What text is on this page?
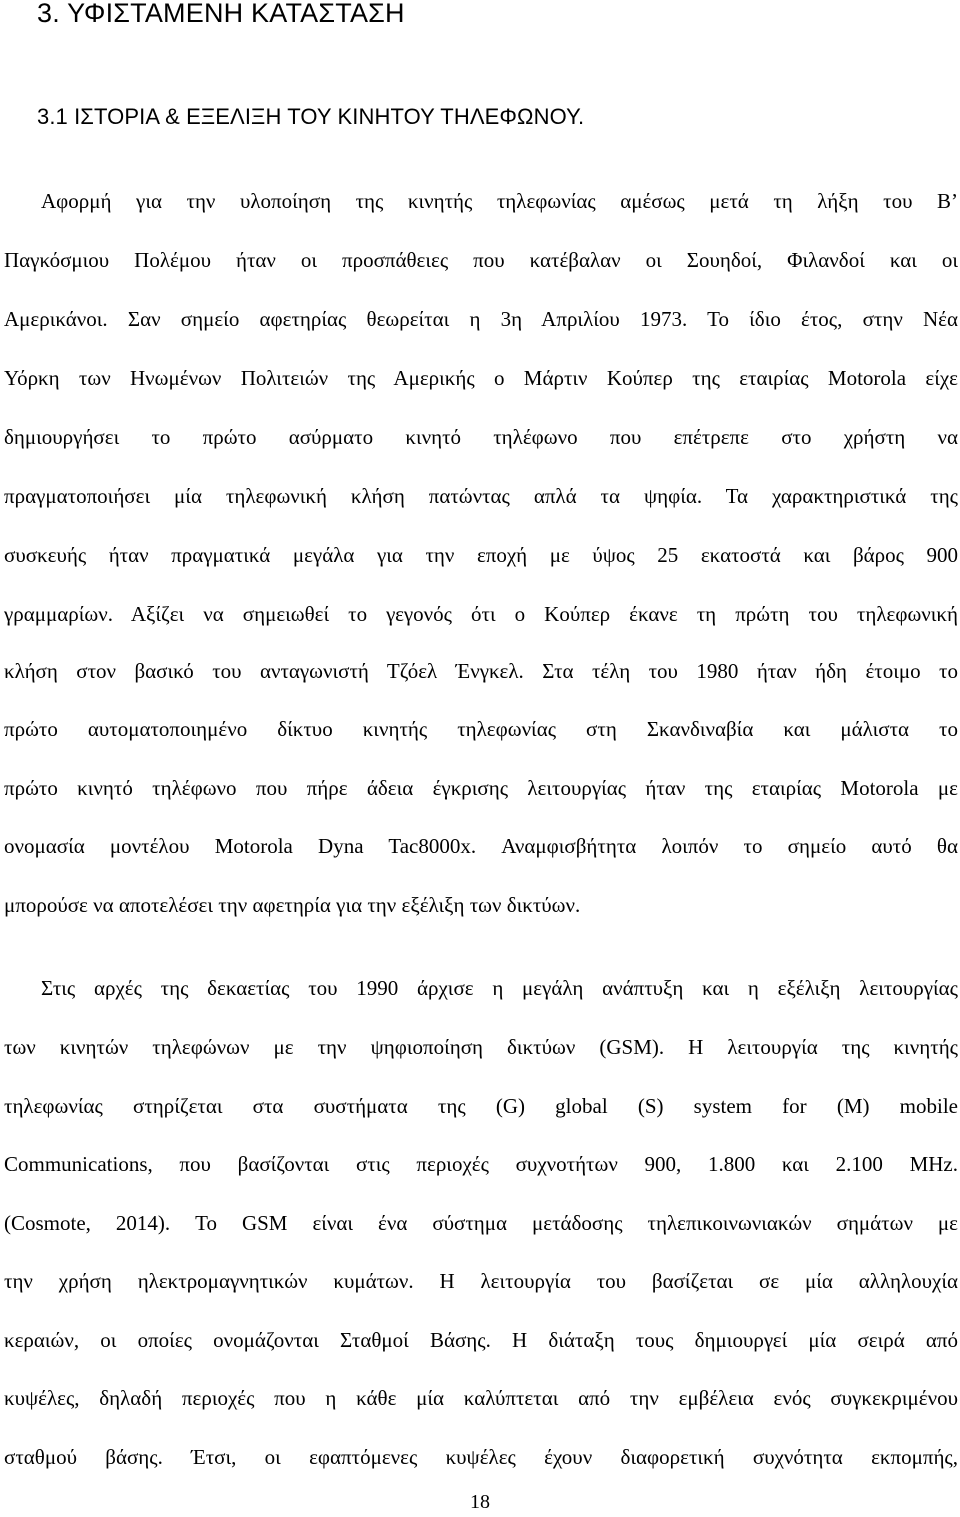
3. ΥΦΙΣΤΑΜΕΝΗ ΚΑΤΑΣΤΑΣΗ
3.1 ΙΣΤΟΡΙΑ & ΕΞΕΛΙΞΗ ΤΟΥ ΚΙΝΗΤΟΥ ΤΗΛΕΦΩΝΟΥ.

Αφορμή για την υλοποίηση της κινητής τηλεφωνίας αμέσως μετά τη λήξη του Β’

Παγκόσμιου Πολέμου ήταν οι προσπάθειες που κατέβαλαν οι Σουηδοί, Φιλανδοί και οι

Αμερικάνοι. Σαν σημείο αφετηρίας θεωρείται η 3η Απριλίου 1973. Το ίδιο έτος, στην Νέα

Υόρκη των Ηνωμένων Πολιτειών της Αμερικής ο Μάρτιν Κούπερ της εταιρίας Motorola είχε

δημιουργήσει το πρώτο ασύρματο κινητό τηλέφωνο που επέτρεπε στο χρήστη να

πραγματοποιήσει μία τηλεφωνική κλήση πατώντας απλά τα ψηφία. Τα χαρακτηριστικά της

συσκευής ήταν πραγματικά μεγάλα για την εποχή με ύψος 25 εκατοστά και βάρος 900

γραμμαρίων. Αξίζει να σημειωθεί το γεγονός ότι ο Κούπερ έκανε τη πρώτη του τηλεφωνική

κλήση στον βασικό του ανταγωνιστή Τζόελ Ένγκελ. Στα τέλη του 1980 ήταν ήδη έτοιμο το

πρώτο αυτοματοποιημένο δίκτυο κινητής τηλεφωνίας στη Σκανδιναβία και μάλιστα το

πρώτο κινητό τηλέφωνο που πήρε άδεια έγκρισης λειτουργίας ήταν της εταιρίας Motorola με

ονομασία μοντέλου Motorola Dyna Tac8000x. Αναμφισβήτητα λοιπόν το σημείο αυτό θα

μπορούσε να αποτελέσει την αφετηρία για την εξέλιξη των δικτύων.

Στις αρχές της δεκαετίας του 1990 άρχισε η μεγάλη ανάπτυξη και η εξέλιξη λειτουργίας

των κινητών τηλεφώνων με την ψηφιοποίηση δικτύων (GSM). Η λειτουργία της κινητής

τηλεφωνίας στηρίζεται στα συστήματα της (G) global (S) system for (M) mobile

Communications, που βασίζονται στις περιοχές συχνοτήτων 900, 1.800 και 2.100 MHz.

(Cosmote, 2014). Το GSM είναι ένα σύστημα μετάδοσης τηλεπικοινωνιακών σημάτων με

την χρήση ηλεκτρομαγνητικών κυμάτων. Η λειτουργία του βασίζεται σε μία αλληλουχία

κεραιών, οι οποίες ονομάζονται Σταθμοί Βάσης. Η διάταξη τους δημιουργεί μία σειρά από

κυψέλες, δηλαδή περιοχές που η κάθε μία καλύπτεται από την εμβέλεια ενός συγκεκριμένου

σταθμού βάσης. Έτσι, οι εφαπτόμενες κυψέλες έχουν διαφορετική συχνότητα εκπομπής,

18
